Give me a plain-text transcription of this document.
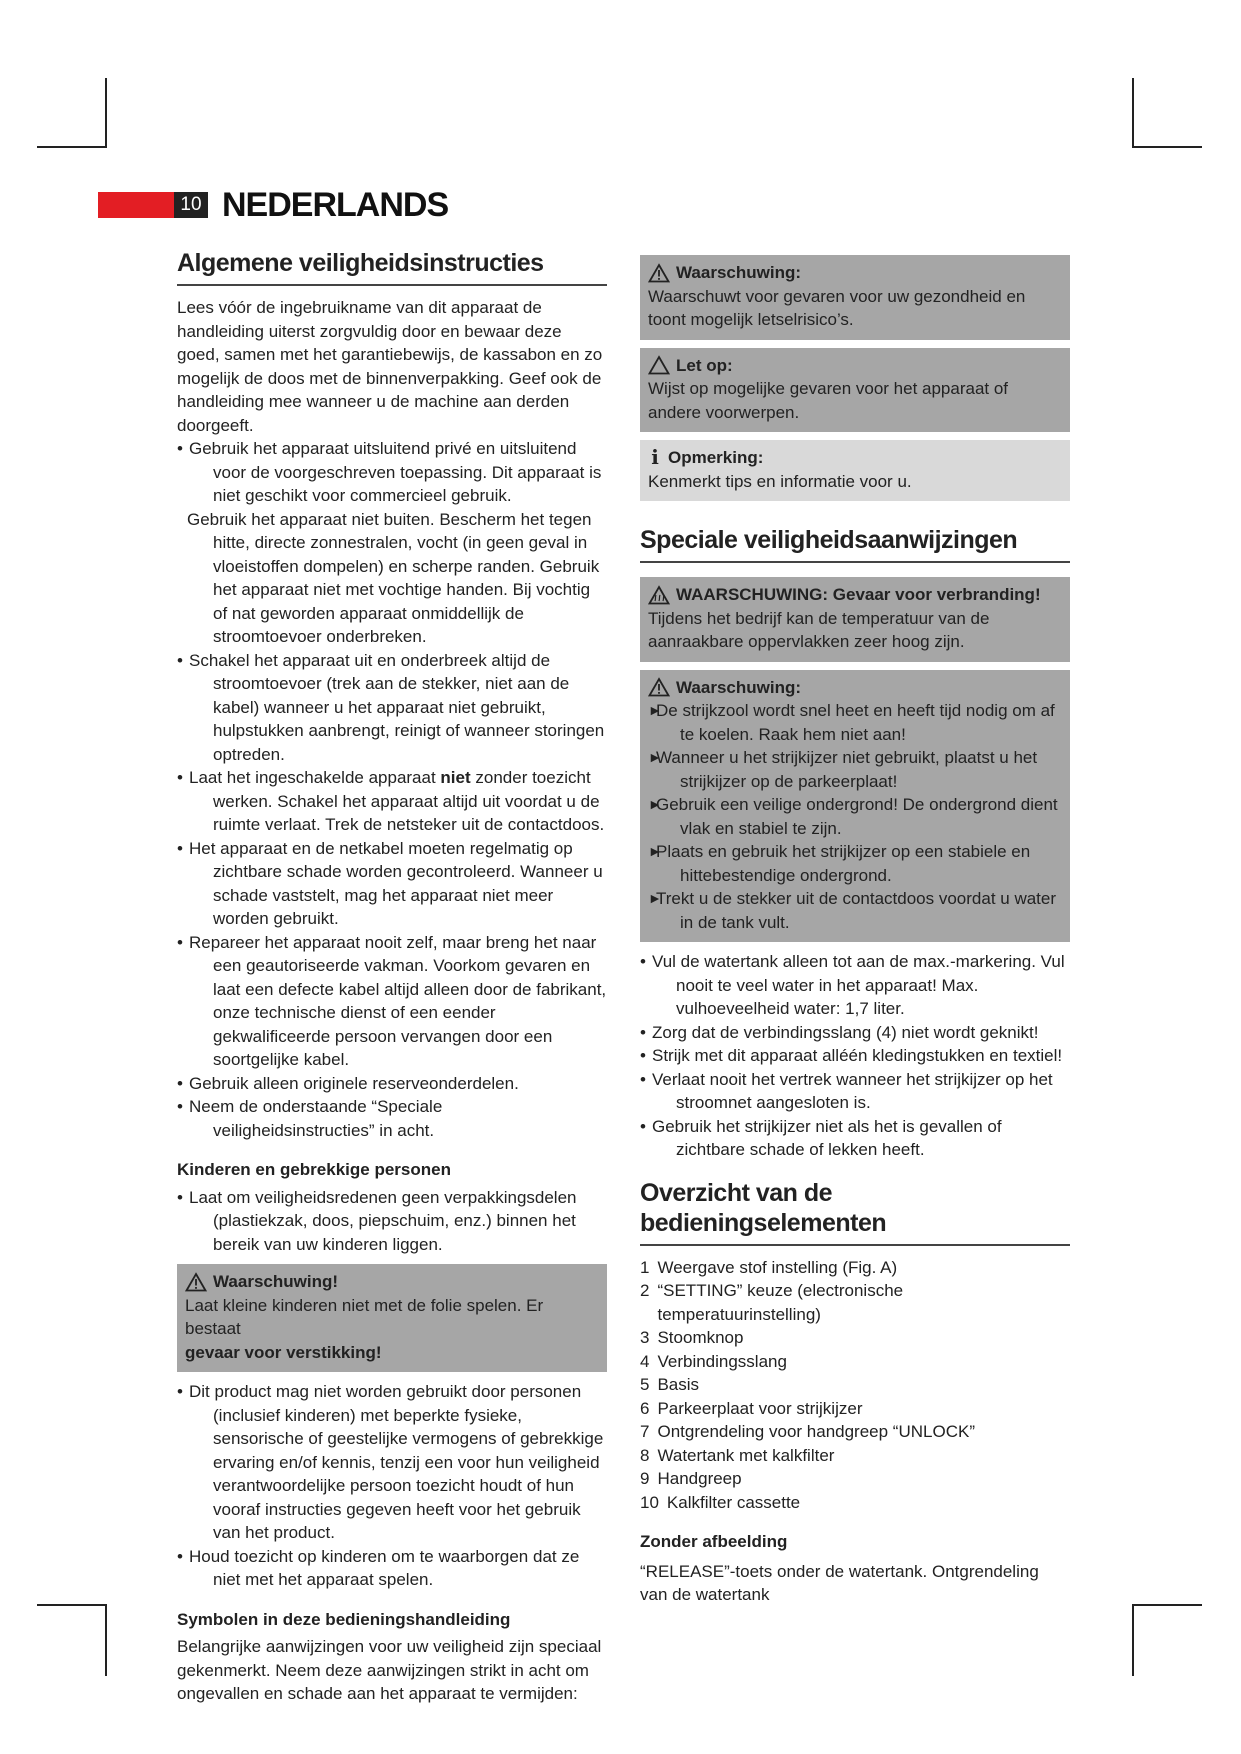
10 NEDERLANDS
Algemene veiligheidsinstructies

Lees vóór de ingebruikname van dit apparaat de handleiding uiterst zorgvuldig door en bewaar deze goed, samen met het garantiebewijs, de kassabon en zo mogelijk de doos met de binnenverpakking. Geef ook de handleiding mee wanneer u de machine aan derden doorgeeft.

• Gebruik het apparaat uitsluitend privé en uitsluitend voor de voorgeschreven toepassing. Dit apparaat is niet geschikt voor commercieel gebruik.
Gebruik het apparaat niet buiten. Bescherm het tegen hitte, directe zonnestralen, vocht (in geen geval in vloeistoffen dompelen) en scherpe randen. Gebruik het apparaat niet met vochtige handen. Bij vochtig of nat geworden apparaat onmiddellijk de stroomtoevoer onderbreken.
• Schakel het apparaat uit en onderbreek altijd de stroomtoevoer (trek aan de stekker, niet aan de kabel) wanneer u het apparaat niet gebruikt, hulpstukken aanbrengt, reinigt of wanneer storingen optreden.
• Laat het ingeschakelde apparaat niet zonder toezicht werken. Schakel het apparaat altijd uit voordat u de ruimte verlaat. Trek de netsteker uit de contactdoos.
• Het apparaat en de netkabel moeten regelmatig op zichtbare schade worden gecontroleerd. Wanneer u schade vaststelt, mag het apparaat niet meer worden gebruikt.
• Repareer het apparaat nooit zelf, maar breng het naar een geautoriseerde vakman. Voorkom gevaren en laat een defecte kabel altijd alleen door de fabrikant, onze technische dienst of een eender gekwalificeerde persoon vervangen door een soortgelijke kabel.
• Gebruik alleen originele reserveonderdelen.
• Neem de onderstaande “Speciale veiligheidsinstructies” in acht.
Kinderen en gebrekkige personen
• Laat om veiligheidsredenen geen verpakkingsdelen (plastiekzak, doos, piepschuim, enz.) binnen het bereik van uw kinderen liggen.
Waarschuwing!
Laat kleine kinderen niet met de folie spelen. Er bestaat
gevaar voor verstikking!
• Dit product mag niet worden gebruikt door personen (inclusief kinderen) met beperkte fysieke, sensorische of geestelijke vermogens of gebrekkige ervaring en/of kennis, tenzij een voor hun veiligheid verantwoordelijke persoon toezicht houdt of hun vooraf instructies gegeven heeft voor het gebruik van het product.
• Houd toezicht op kinderen om te waarborgen dat ze niet met het apparaat spelen.
Symbolen in deze bedieningshandleiding

Belangrijke aanwijzingen voor uw veiligheid zijn speciaal gekenmerkt. Neem deze aanwijzingen strikt in acht om ongevallen en schade aan het apparaat te vermijden:

Waarschuwing:
Waarschuwt voor gevaren voor uw gezondheid en toont mogelijk letselrisico’s.
Let op:
Wijst op mogelijke gevaren voor het apparaat of andere voorwerpen.
i Opmerking:
Kenmerkt tips en informatie voor u.
Speciale veiligheidsaanwijzingen
WAARSCHUWING: Gevaar voor verbranding!
Tijdens het bedrijf kan de temperatuur van de aanraakbare oppervlakken zeer hoog zijn.
Waarschuwing:
► De strijkzool wordt snel heet en heeft tijd nodig om af te koelen. Raak hem niet aan!
► Wanneer u het strijkijzer niet gebruikt, plaatst u het strijkijzer op de parkeerplaat!
► Gebruik een veilige ondergrond! De ondergrond dient vlak en stabiel te zijn.
► Plaats en gebruik het strijkijzer op een stabiele en hittebestendige ondergrond.
► Trekt u de stekker uit de contactdoos voordat u water in de tank vult.
• Vul de watertank alleen tot aan de max.-markering. Vul nooit te veel water in het apparaat! Max. vulhoeveelheid water: 1,7 liter.
• Zorg dat de verbindingsslang (4) niet wordt geknikt!
• Strijk met dit apparaat alléén kledingstukken en textiel!
• Verlaat nooit het vertrek wanneer het strijkijzer op het stroomnet aangesloten is.
• Gebruik het strijkijzer niet als het is gevallen of zichtbare schade of lekken heeft.
Overzicht van de bedieningselementen
1 Weergave stof instelling (Fig. A)
2 “SETTING” keuze (electronische temperatuurinstelling)
3 Stoomknop
4 Verbindingsslang
5 Basis
6 Parkeerplaat voor strijkijzer
7 Ontgrendeling voor handgreep “UNLOCK”
8 Watertank met kalkfilter
9 Handgreep
10 Kalkfilter cassette
Zonder afbeelding

“RELEASE”-toets onder de watertank. Ontgrendeling van de watertank
